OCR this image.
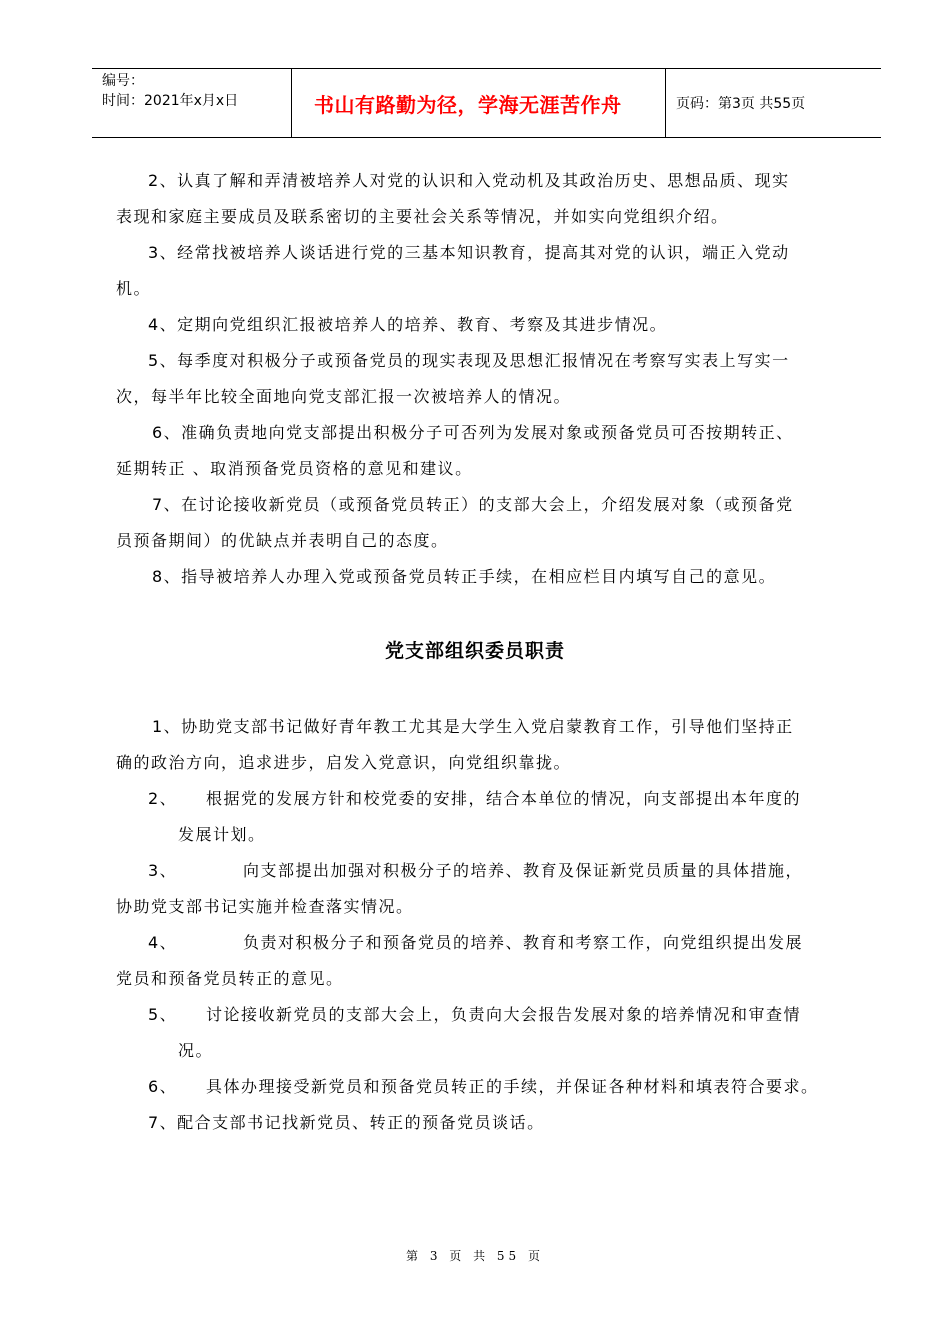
编号：
时间：2021年x月x日	书山有路勤为径，学海无涯苦作舟	页码：第3页 共55页

2、认真了解和弄清被培养人对党的认识和入党动机及其政治历史、思想品质、现实

表现和家庭主要成员及联系密切的主要社会关系等情况，并如实向党组织介绍。

3、经常找被培养人谈话进行党的三基本知识教育，提高其对党的认识，端正入党动

机。

4、定期向党组织汇报被培养人的培养、教育、考察及其进步情况。

5、每季度对积极分子或预备党员的现实表现及思想汇报情况在考察写实表上写实一

次，每半年比较全面地向党支部汇报一次被培养人的情况。

6、准确负责地向党支部提出积极分子可否列为发展对象或预备党员可否按期转正、

延期转正 、取消预备党员资格的意见和建议。

7、在讨论接收新党员（或预备党员转正）的支部大会上，介绍发展对象（或预备党

员预备期间）的优缺点并表明自己的态度。

8、指导被培养人办理入党或预备党员转正手续，在相应栏目内填写自己的意见。

党支部组织委员职责

1、协助党支部书记做好青年教工尤其是大学生入党启蒙教育工作，引导他们坚持正

确的政治方向，追求进步，启发入党意识，向党组织靠拢。

2、 根据党的发展方针和校党委的安排，结合本单位的情况，向支部提出本年度的

发展计划。

3、	向支部提出加强对积极分子的培养、教育及保证新党员质量的具体措施，

协助党支部书记实施并检查落实情况。

4、	负责对积极分子和预备党员的培养、教育和考察工作，向党组织提出发展

党员和预备党员转正的意见。

5、 讨论接收新党员的支部大会上，负责向大会报告发展对象的培养情况和审查情

况。

6、 具体办理接受新党员和预备党员转正的手续，并保证各种材料和填表符合要求。

7、配合支部书记找新党员、转正的预备党员谈话。

第 3 页 共 55 页
